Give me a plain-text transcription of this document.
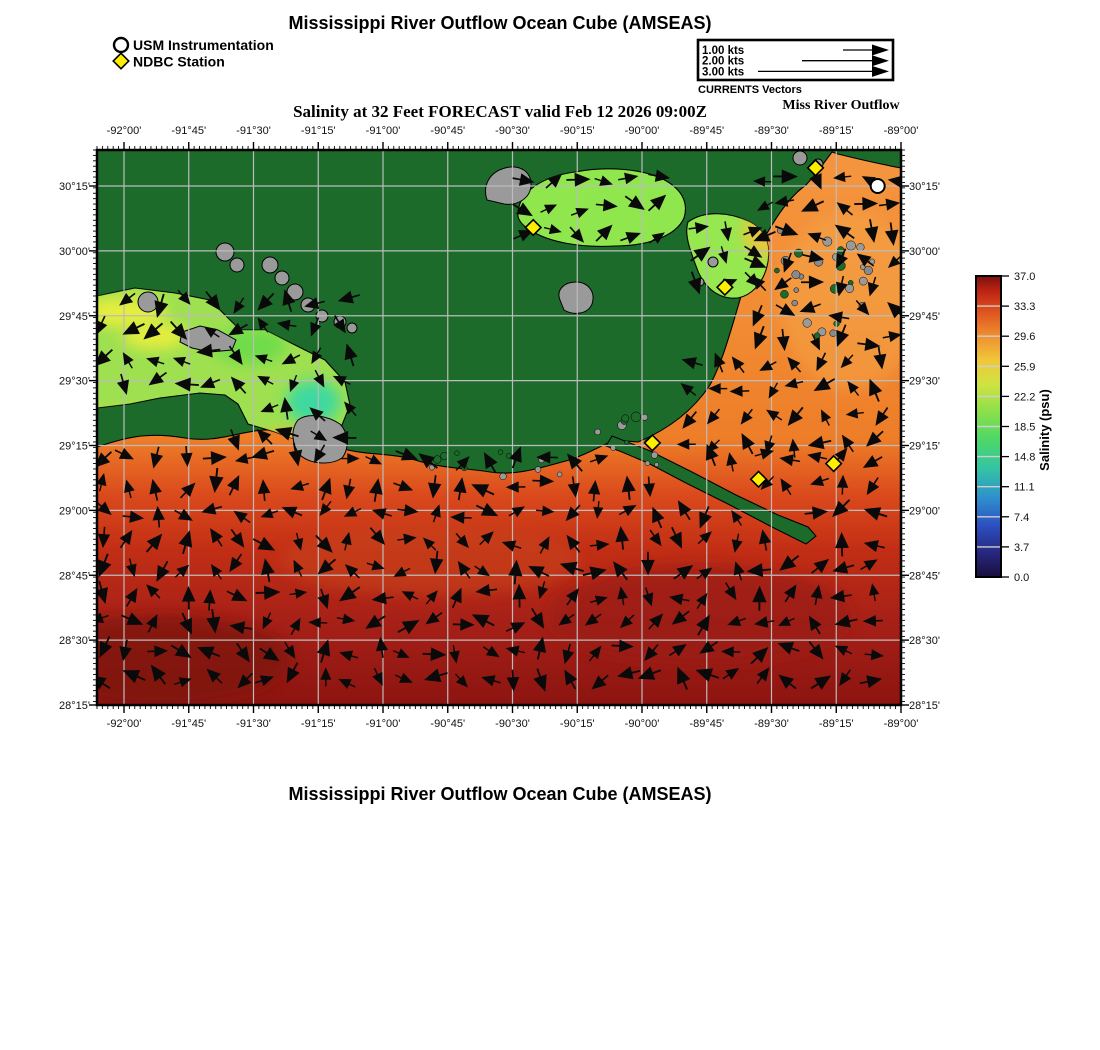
Mississippi River Outflow Ocean Cube (AMSEAS)
Salinity at 32 Feet FORECAST valid Feb 12 2026 09:00Z	Miss River Outflow
USM Instrumentation
NDBC Station
CURRENTS Vectors
1.00 kts
2.00 kts
3.00 kts
-92°00'
-92°00'
-91°45'
-91°45'
-91°30'
-91°30'
-91°15'
-91°15'
-91°00'
-91°00'
-90°45'
-90°45'
-90°30'
-90°30'
-90°15'
-90°15'
-90°00'
-90°00'
-89°45'
-89°45'
-89°30'
-89°30'
-89°15'
-89°15'
-89°00'
-89°00'
30°15'	30°15'
30°00'	30°00'
29°45'	29°45'
29°30'	29°30'
29°15'	29°15'
29°00'	29°00'
28°45'	28°45'
28°30'	28°30'
28°15'	28°15'
37.0
33.3
29.6
25.9
22.2
18.5
14.8
11.1
7.4
3.7
0.0
Salinity (psu)
Mississippi River Outflow Ocean Cube (AMSEAS)
